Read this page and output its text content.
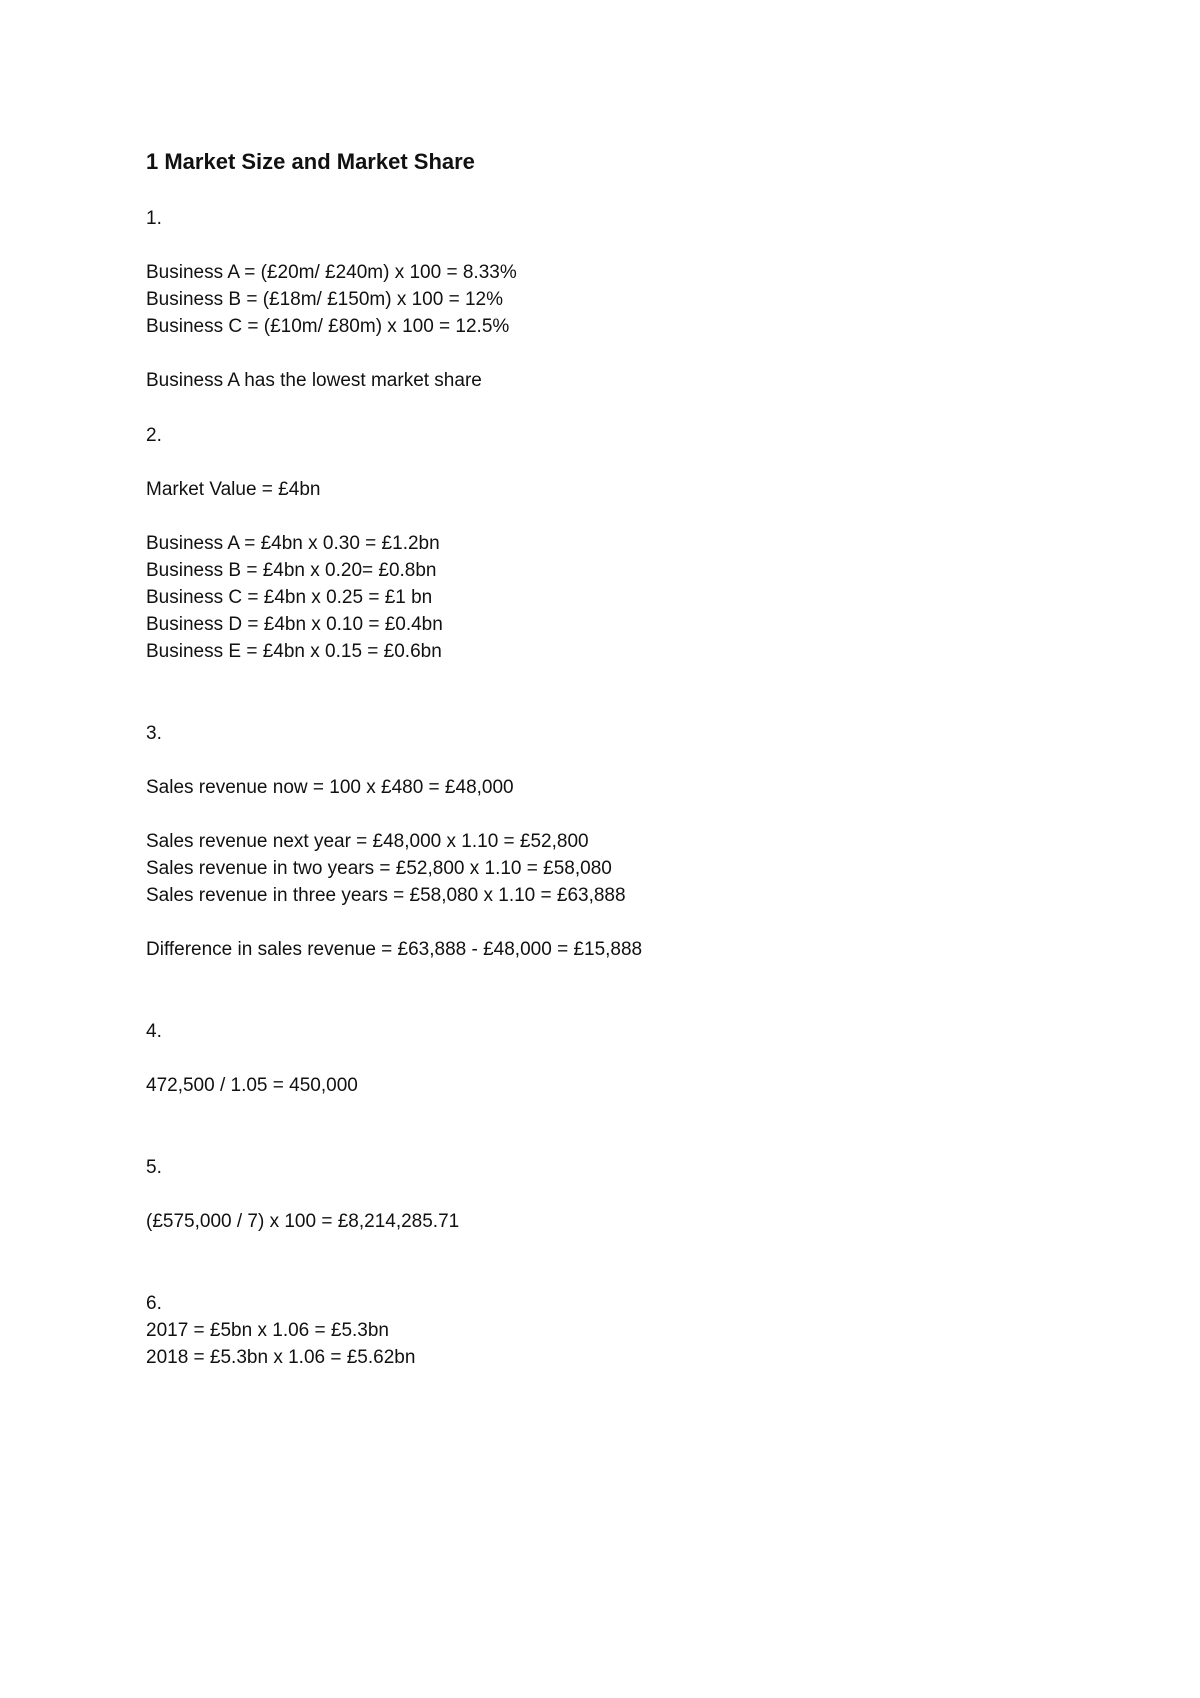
1 Market Size and Market Share
1.
Business A = (£20m/ £240m) x 100 = 8.33%
Business B = (£18m/ £150m) x 100 = 12%
Business C = (£10m/ £80m) x 100 = 12.5%
Business A has the lowest market share
2.
Market Value = £4bn
Business A = £4bn x 0.30 = £1.2bn
Business B = £4bn x 0.20= £0.8bn
Business C = £4bn x 0.25 = £1 bn
Business D = £4bn x 0.10 = £0.4bn
Business E = £4bn x 0.15 = £0.6bn
3.
Sales revenue now = 100 x £480 = £48,000
Sales revenue next year = £48,000 x 1.10 = £52,800
Sales revenue in two years = £52,800 x 1.10 = £58,080
Sales revenue in three years = £58,080 x 1.10 = £63,888
Difference in sales revenue = £63,888 - £48,000 = £15,888
4.
472,500 / 1.05 = 450,000
5.
(£575,000 / 7) x 100 = £8,214,285.71
6.
2017 = £5bn x 1.06 = £5.3bn
2018 = £5.3bn x 1.06 = £5.62bn
